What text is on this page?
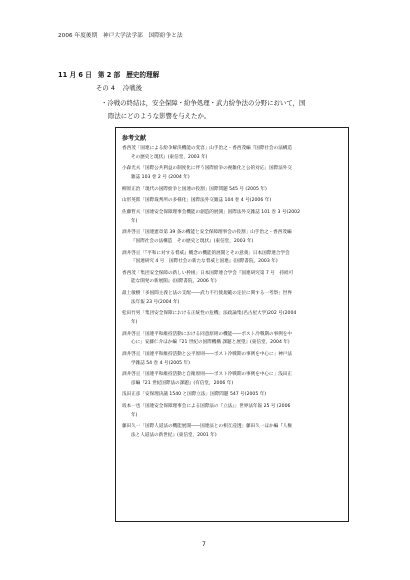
2006 年度後期　神戸大学法学部　国際紛争と法
11 月 6 日 第 2 部 歴史的理解
その 4 冷戦後
・冷戦の終結は，安全保障・紛争処理・武力紛争法の分野において，国
際法にどのような影響を与えたか。
参考文献
香西茂「国連による紛争解決機能の変容」山手治之・香西茂編『国際社会の法構造
その歴史と現状』(東信堂，2003 年)
小森光夫「国際公共利益の制度化に伴う国際紛争の複雑化と公的対応」国際法外交
雑誌 103 巻 2 号 (2004 年)
柳原正治「現代の国際紛争と国連の役割」国際問題 545 号 (2005 年)
山形英郎「国際裁判所の多様化」国際法外交雑誌 104 巻 4 号(2006 年)
佐藤哲夫「国連安全保障理事会機能の創造的展開」国際法外交雑誌 101 巻 3 号(2002
年)
酒井啓亘「国連憲章第 39 条の機能と安全保障理事会の役割」山手治之・香西茂編
『国際社会の法構造　その歴史と現状』(東信堂，2003 年)
酒井啓亘「『平和に対する脅威』概念の機能的展開とその意義」日本国際連合学会
『国連研究 4 号　国際社会の新たな脅威と国連』(国際書院，2003 年)
香西茂「集団安全保障の新しい枠組」日本国際連合学会『国連研究第 7 号　持続可
能な開発の新展開』(国際書院，2006 年)
最上敏樹「多国間主義と法の支配――武力不行使規範の定位に関する一考察」世界
法年報 23 号(2004 年)
松田竹男「集団安全保障における正統性の危機」法政論集(名古屋大学)202 号(2004
年)
酒井啓亘「国連平和維持活動における同意原則の機能――ポスト冷戦期の事例を中
心に」安藤仁介ほか編『21 世紀の国際機構 課題と展望』(東信堂，2004 年)
酒井啓亘「国連平和維持活動と公平原則――ポスト冷戦期の事例を中心に」神戸法
学雑誌 54 巻 4 号(2005 年)
酒井啓亘「国連平和維持活動と自衛原則――ポスト冷戦期の事例を中心に」浅田正
彦編『21 世紀国際法の課題』(有信堂，2006 年)
浅田正彦「安保理決議 1540 と国際立法」国際問題 547 号(2005 年)
坂本一也「国連安全保障理事会による国際法の『立法』」世界法年報 25 号 (2006
年)
藤田久一「国際人道法の機能展開――国連法との相互浸透」藤田久一ほか編『人権
法と人道法の新世紀』(東信堂，2001 年)
7
